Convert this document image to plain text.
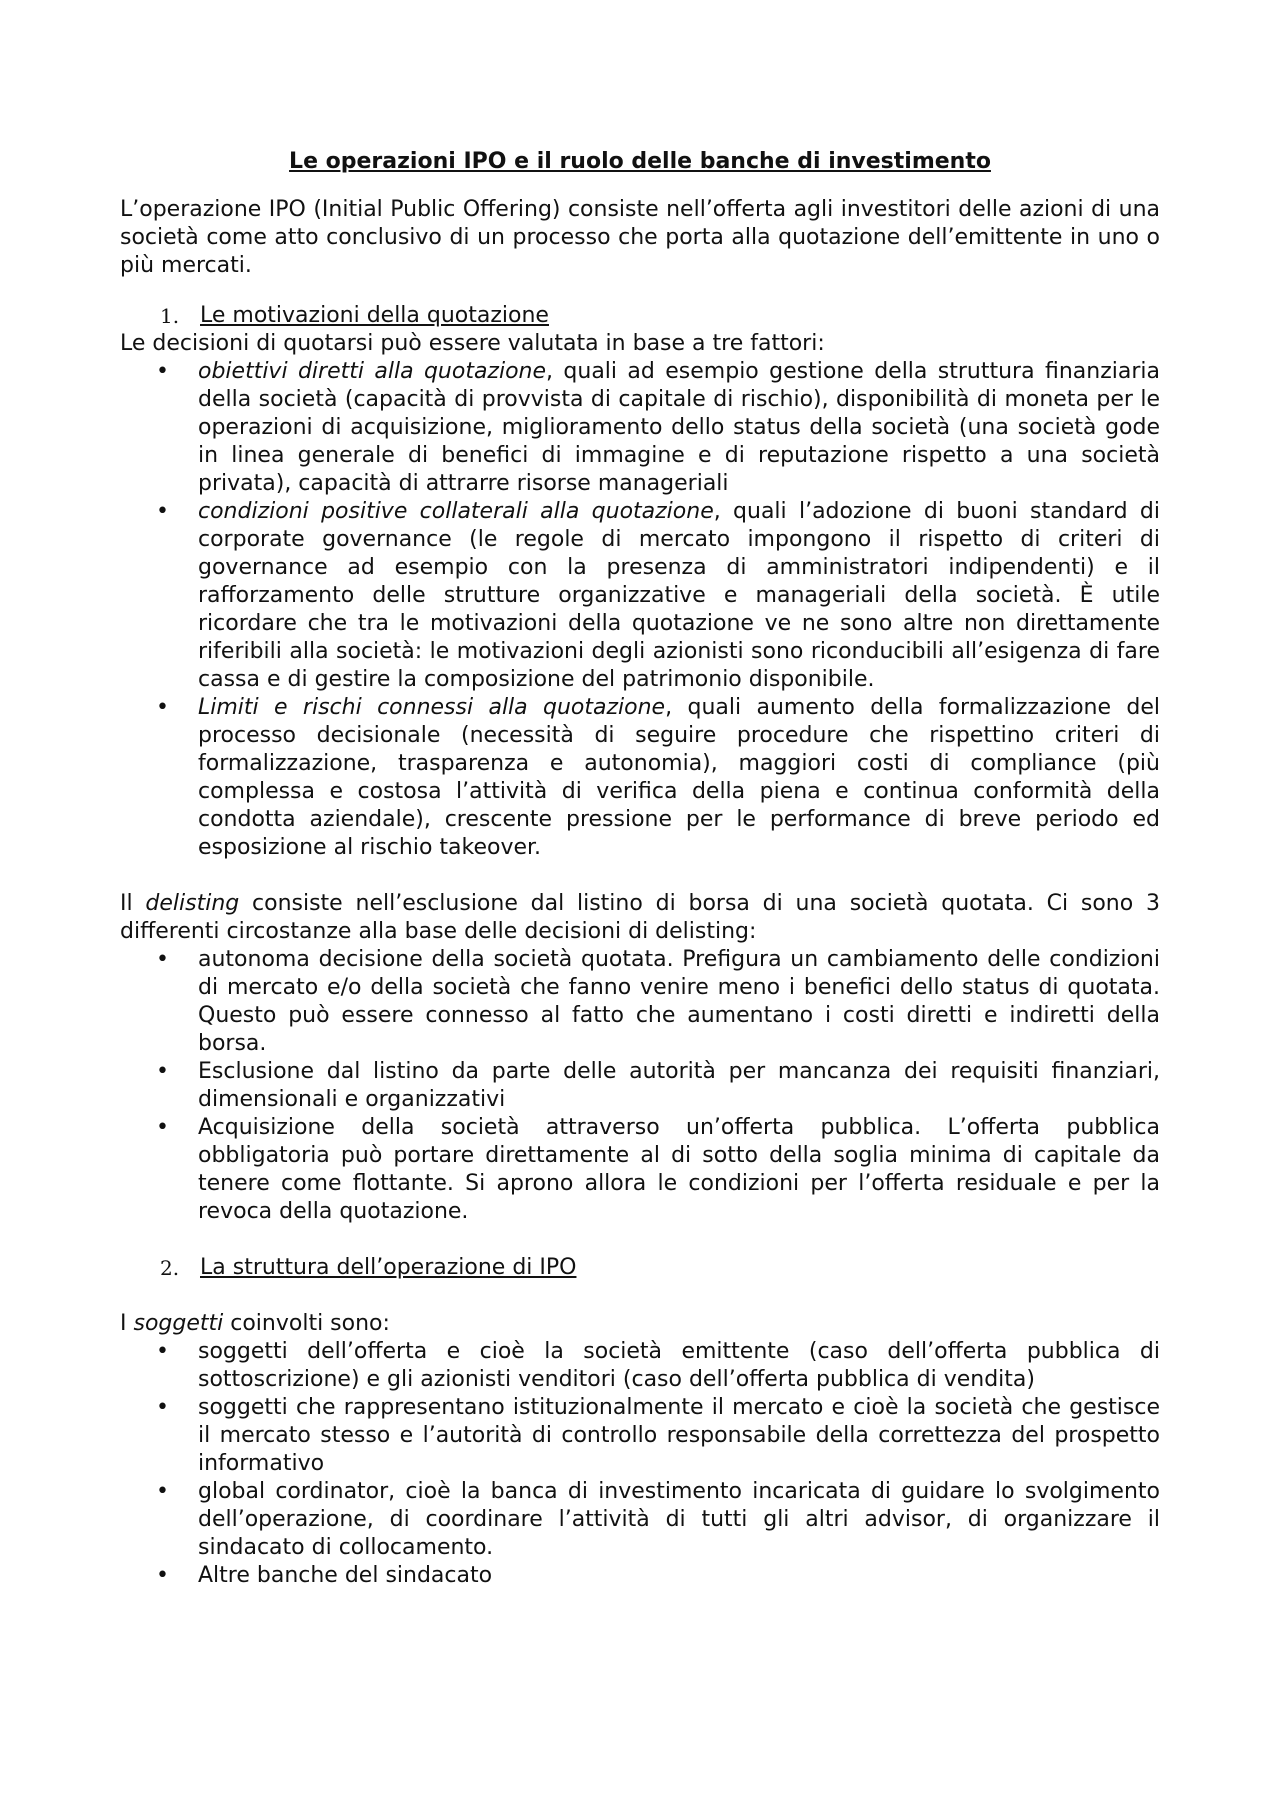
Le operazioni IPO e il ruolo delle banche di investimento

L’operazione IPO (Initial Public Offering) consiste nell’offerta agli investitori delle azioni di una società come atto conclusivo di un processo che porta alla quotazione dell’emittente in uno o più mercati.

1. Le motivazioni della quotazione

Le decisioni di quotarsi può essere valutata in base a tre fattori:

• obiettivi diretti alla quotazione, quali ad esempio gestione della struttura finanziaria della società (capacità di provvista di capitale di rischio), disponibilità di moneta per le operazioni di acquisizione, miglioramento dello status della società (una società gode in linea generale di benefici di immagine e di reputazione rispetto a una società privata), capacità di attrarre risorse manageriali
• condizioni positive collaterali alla quotazione, quali l’adozione di buoni standard di corporate governance (le regole di mercato impongono il rispetto di criteri di governance ad esempio con la presenza di amministratori indipendenti) e il rafforzamento delle strutture organizzative e manageriali della società. È utile ricordare che tra le motivazioni della quotazione ve ne sono altre non direttamente riferibili alla società: le motivazioni degli azionisti sono riconducibili all’esigenza di fare cassa e di gestire la composizione del patrimonio disponibile.
• Limiti e rischi connessi alla quotazione, quali aumento della formalizzazione del processo decisionale (necessità di seguire procedure che rispettino criteri di formalizzazione, trasparenza e autonomia), maggiori costi di compliance (più complessa e costosa l’attività di verifica della piena e continua conformità della condotta aziendale), crescente pressione per le performance di breve periodo ed esposizione al rischio takeover.

Il delisting consiste nell’esclusione dal listino di borsa di una società quotata. Ci sono 3 differenti circostanze alla base delle decisioni di delisting:

• autonoma decisione della società quotata. Prefigura un cambiamento delle condizioni di mercato e/o della società che fanno venire meno i benefici dello status di quotata. Questo può essere connesso al fatto che aumentano i costi diretti e indiretti della borsa.
• Esclusione dal listino da parte delle autorità per mancanza dei requisiti finanziari, dimensionali e organizzativi
• Acquisizione della società attraverso un’offerta pubblica. L’offerta pubblica obbligatoria può portare direttamente al di sotto della soglia minima di capitale da tenere come flottante. Si aprono allora le condizioni per l’offerta residuale e per la revoca della quotazione.
2. La struttura dell’operazione di IPO

I soggetti coinvolti sono:

• soggetti dell’offerta e cioè la società emittente (caso dell’offerta pubblica di sottoscrizione) e gli azionisti venditori (caso dell’offerta pubblica di vendita)
• soggetti che rappresentano istituzionalmente il mercato e cioè la società che gestisce il mercato stesso e l’autorità di controllo responsabile della correttezza del prospetto informativo
• global cordinator, cioè la banca di investimento incaricata di guidare lo svolgimento dell’operazione, di coordinare l’attività di tutti gli altri advisor, di organizzare il sindacato di collocamento.
• Altre banche del sindacato
